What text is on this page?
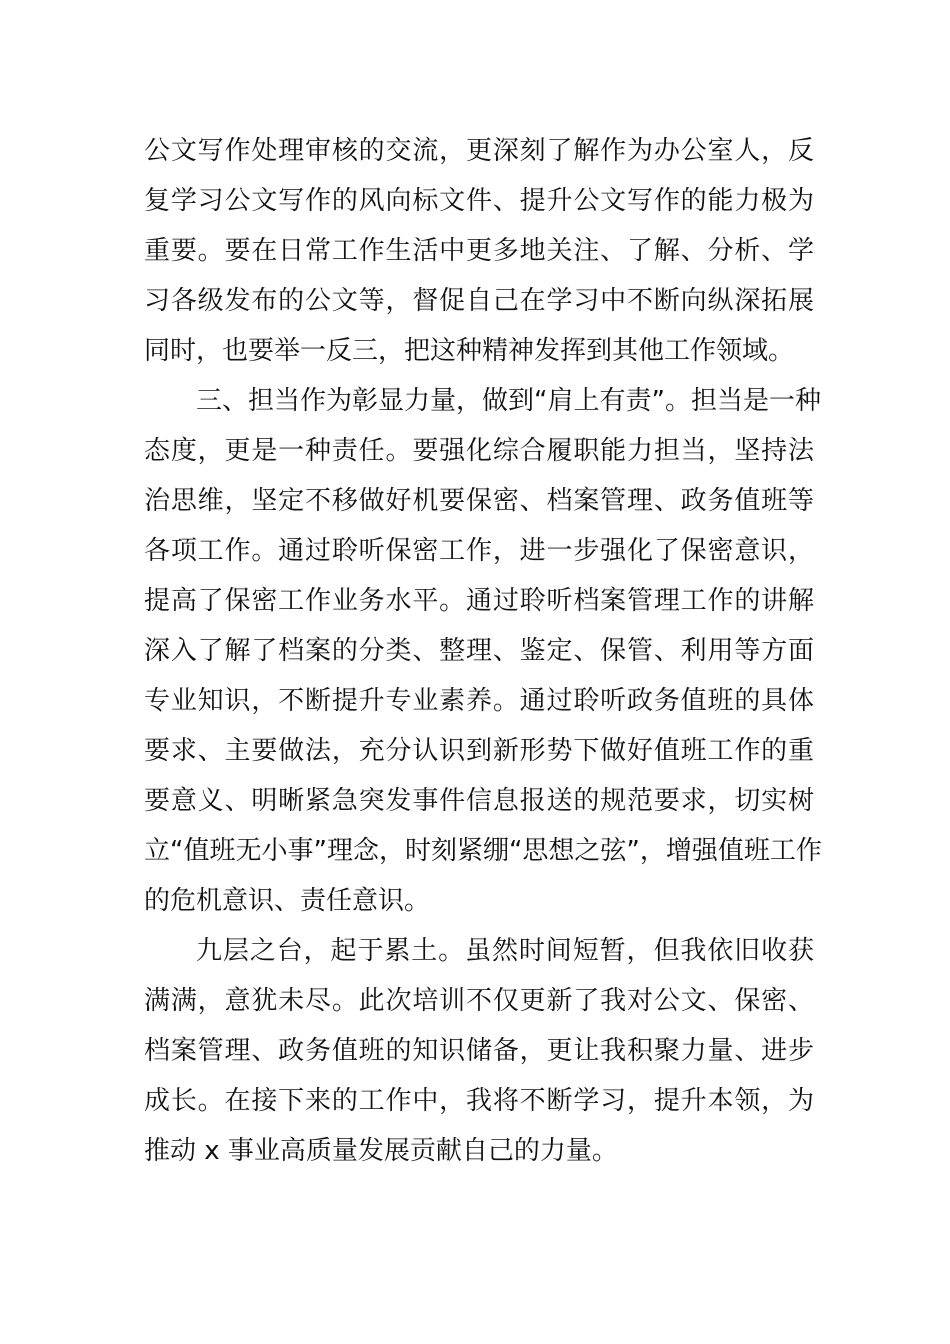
公文写作处理审核的交流，更深刻了解作为办公室人，反
复学习公文写作的风向标文件、提升公文写作的能力极为
重要。要在日常工作生活中更多地关注、了解、分析、学
习各级发布的公文等，督促自己在学习中不断向纵深拓展
同时，也要举一反三，把这种精神发挥到其他工作领域。
三、担当作为彰显力量，做到“肩上有责”。担当是一种
态度，更是一种责任。要强化综合履职能力担当，坚持法
治思维，坚定不移做好机要保密、档案管理、政务值班等
各项工作。通过聆听保密工作，进一步强化了保密意识，
提高了保密工作业务水平。通过聆听档案管理工作的讲解
深入了解了档案的分类、整理、鉴定、保管、利用等方面
专业知识，不断提升专业素养。通过聆听政务值班的具体
要求、主要做法，充分认识到新形势下做好值班工作的重
要意义、明晰紧急突发事件信息报送的规范要求，切实树
立“值班无小事”理念，时刻紧绷“思想之弦”，增强值班工作
的危机意识、责任意识。
九层之台，起于累土。虽然时间短暂，但我依旧收获
满满，意犹未尽。此次培训不仅更新了我对公文、保密、
档案管理、政务值班的知识储备，更让我积聚力量、进步
成长。在接下来的工作中，我将不断学习，提升本领，为
推动 x 事业高质量发展贡献自己的力量。
